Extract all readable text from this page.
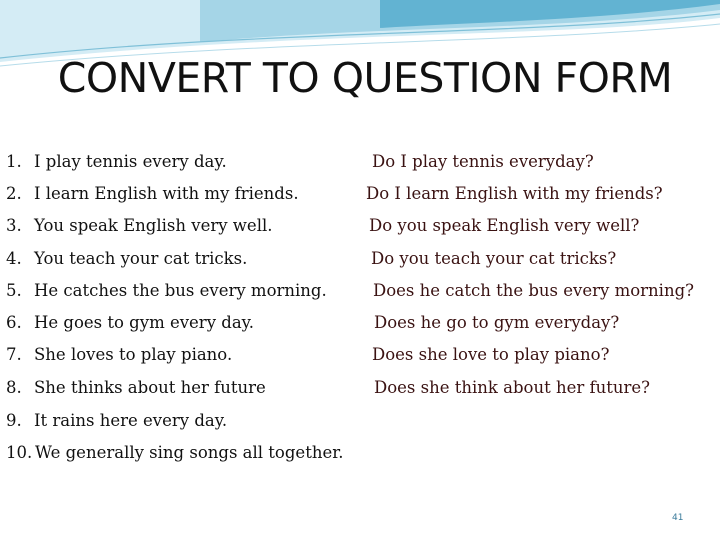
CONVERT TO QUESTION FORM
1. I play tennis every day.	Do I play tennis everyday?
2. I learn English with my friends.	Do I learn English with my friends?
3. You speak English very well.	Do you speak English very well?
4. You teach your cat tricks.	Do you teach your cat tricks?
5. He catches the bus every morning.	Does he catch the bus every morning?
6. He goes to gym every day.	Does he go to gym everyday?
7. She loves to play piano.	Does she love to play piano?
8. She thinks about her future	Does she think about her future?
9. It rains here every day.
10. We generally sing songs all together.
41
